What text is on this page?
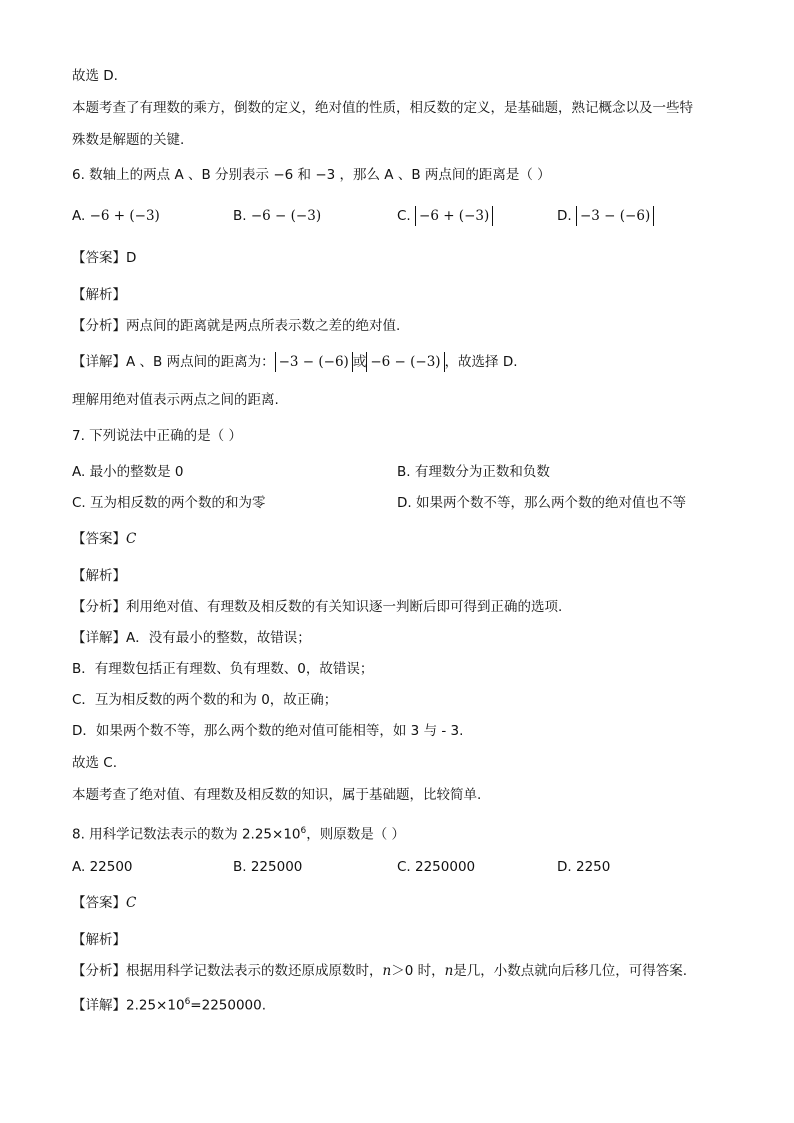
故选 D.
本题考查了有理数的乘方，倒数的定义，绝对值的性质，相反数的定义，是基础题，熟记概念以及一些特
殊数是解题的关键.
6. 数轴上的两点 A 、B 分别表示 −6 和 −3 ，那么 A 、B 两点间的距离是（ ）
A. −6 + (−3)	B. −6 − (−3)	C. −6 + (−3)	D. −3 − (−6)
【答案】D
【解析】
【分析】两点间的距离就是两点所表示数之差的绝对值.
【详解】A 、B 两点间的距离为： −3 − (−6) 或 −6 − (−3) ，故选择 D.
理解用绝对值表示两点之间的距离.
7. 下列说法中正确的是（ ）
A. 最小的整数是 0	B. 有理数分为正数和负数
C. 互为相反数的两个数的和为零	D. 如果两个数不等，那么两个数的绝对值也不等
【答案】C
【解析】
【分析】利用绝对值、有理数及相反数的有关知识逐一判断后即可得到正确的选项.
【详解】A．没有最小的整数，故错误；
B．有理数包括正有理数、负有理数、0，故错误；
C．互为相反数的两个数的和为 0，故正确；
D．如果两个数不等，那么两个数的绝对值可能相等，如 3 与 - 3.
故选 C.
本题考查了绝对值、有理数及相反数的知识，属于基础题，比较简单.
8. 用科学记数法表示的数为 $2.25\times 10^6$，则原数是（ ）
A. 22500	B. 225000	C. 2250000	D. 2250
【答案】C
【解析】
【分析】根据用科学记数法表示的数还原成原数时，n＞0 时，n是几，小数点就向后移几位，可得答案.
【详解】$2.25\times 10^6=2250000$.
